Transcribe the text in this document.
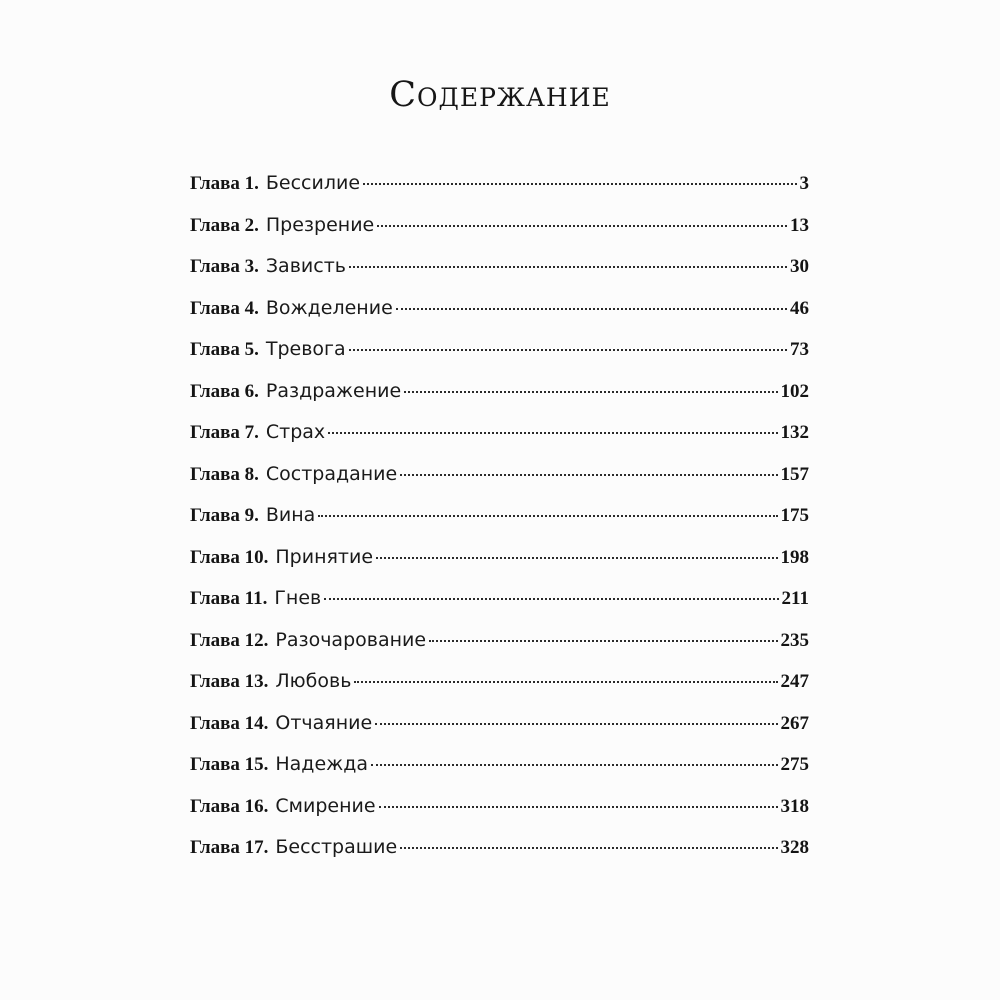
Содержание
Глава 1. Бессилие	3
Глава 2. Презрение	13
Глава 3. Зависть	30
Глава 4. Вожделение	46
Глава 5. Тревога	73
Глава 6. Раздражение	102
Глава 7. Страх	132
Глава 8. Сострадание	157
Глава 9. Вина	175
Глава 10. Принятие	198
Глава 11. Гнев	211
Глава 12. Разочарование	235
Глава 13. Любовь	247
Глава 14. Отчаяние	267
Глава 15. Надежда	275
Глава 16. Смирение	318
Глава 17. Бесстрашие	328
